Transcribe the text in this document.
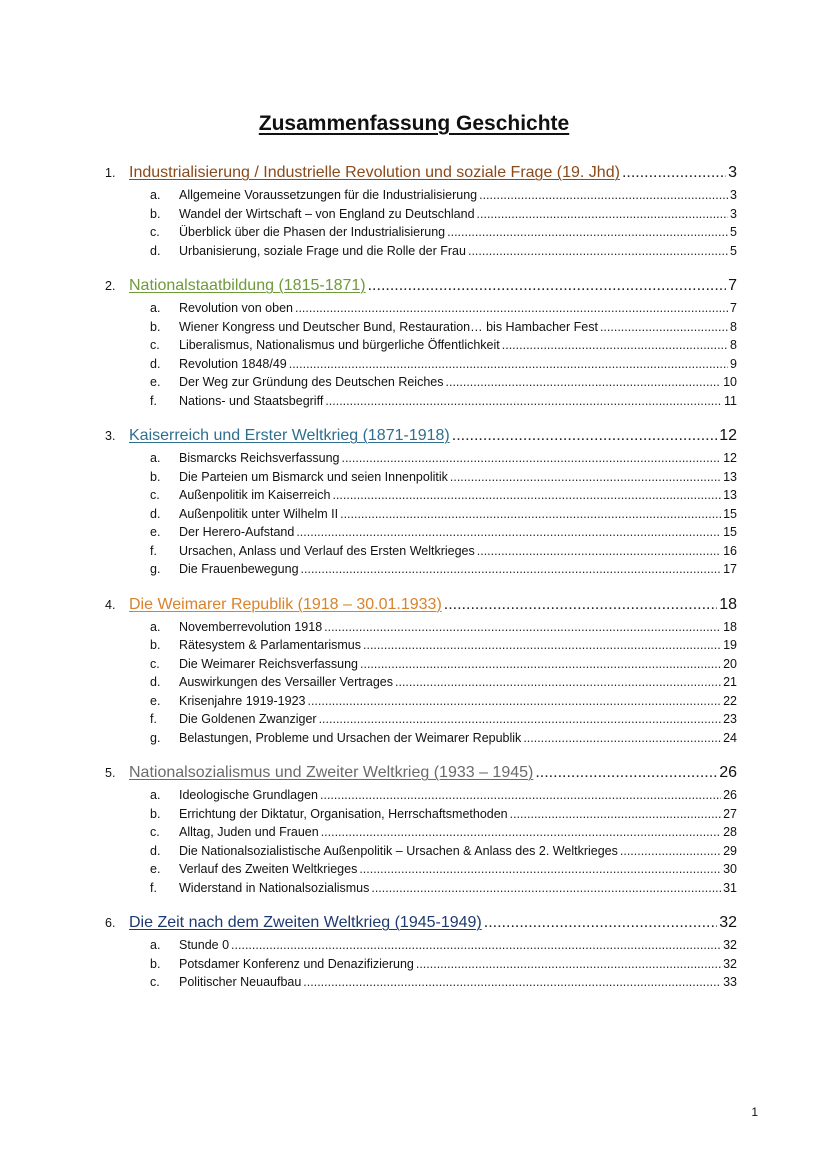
Zusammenfassung Geschichte
1. Industrialisierung / Industrielle Revolution und soziale Frage (19. Jhd) .....	3
a.	Allgemeine Voraussetzungen für die Industrialisierung .....	3
b.	Wandel der Wirtschaft – von England zu Deutschland .....	3
c.	Überblick über die Phasen der Industrialisierung .....	5
d.	Urbanisierung, soziale Frage und die Rolle der Frau .....	5
2. Nationalstaatbildung (1815-1871) .....	7
a.	Revolution von oben .....	7
b.	Wiener Kongress und Deutscher Bund, Restauration… bis Hambacher Fest .....	8
c.	Liberalismus, Nationalismus und bürgerliche Öffentlichkeit .....	8
d.	Revolution 1848/49 .....	9
e.	Der Weg zur Gründung des Deutschen Reiches .....	10
f.	Nations- und Staatsbegriff .....	11
3. Kaiserreich und Erster Weltkrieg (1871-1918) .....	12
a.	Bismarcks Reichsverfassung .....	12
b.	Die Parteien um Bismarck und seien Innenpolitik .....	13
c.	Außenpolitik im Kaiserreich .....	13
d.	Außenpolitik unter Wilhelm II .....	15
e.	Der Herero-Aufstand .....	15
f.	Ursachen, Anlass und Verlauf des Ersten Weltkrieges .....	16
g.	Die Frauenbewegung .....	17
4. Die Weimarer Republik (1918 – 30.01.1933) .....	18
a.	Novemberrevolution 1918 .....	18
b.	Rätesystem & Parlamentarismus .....	19
c.	Die Weimarer Reichsverfassung .....	20
d.	Auswirkungen des Versailler Vertrages .....	21
e.	Krisenjahre 1919-1923 .....	22
f.	Die Goldenen Zwanziger .....	23
g.	Belastungen, Probleme und Ursachen der Weimarer Republik .....	24
5. Nationalsozialismus und Zweiter Weltkrieg (1933 – 1945) .....	26
a.	Ideologische Grundlagen .....	26
b.	Errichtung der Diktatur, Organisation, Herrschaftsmethoden .....	27
c.	Alltag, Juden und Frauen .....	28
d.	Die Nationalsozialistische Außenpolitik – Ursachen & Anlass des 2. Weltkrieges .....	29
e.	Verlauf des Zweiten Weltkrieges .....	30
f.	Widerstand in Nationalsozialismus .....	31
6. Die Zeit nach dem Zweiten Weltkrieg (1945-1949) .....	32
a.	Stunde 0 .....	32
b.	Potsdamer Konferenz und Denazifizierung .....	32
c.	Politischer Neuaufbau .....	33
1
